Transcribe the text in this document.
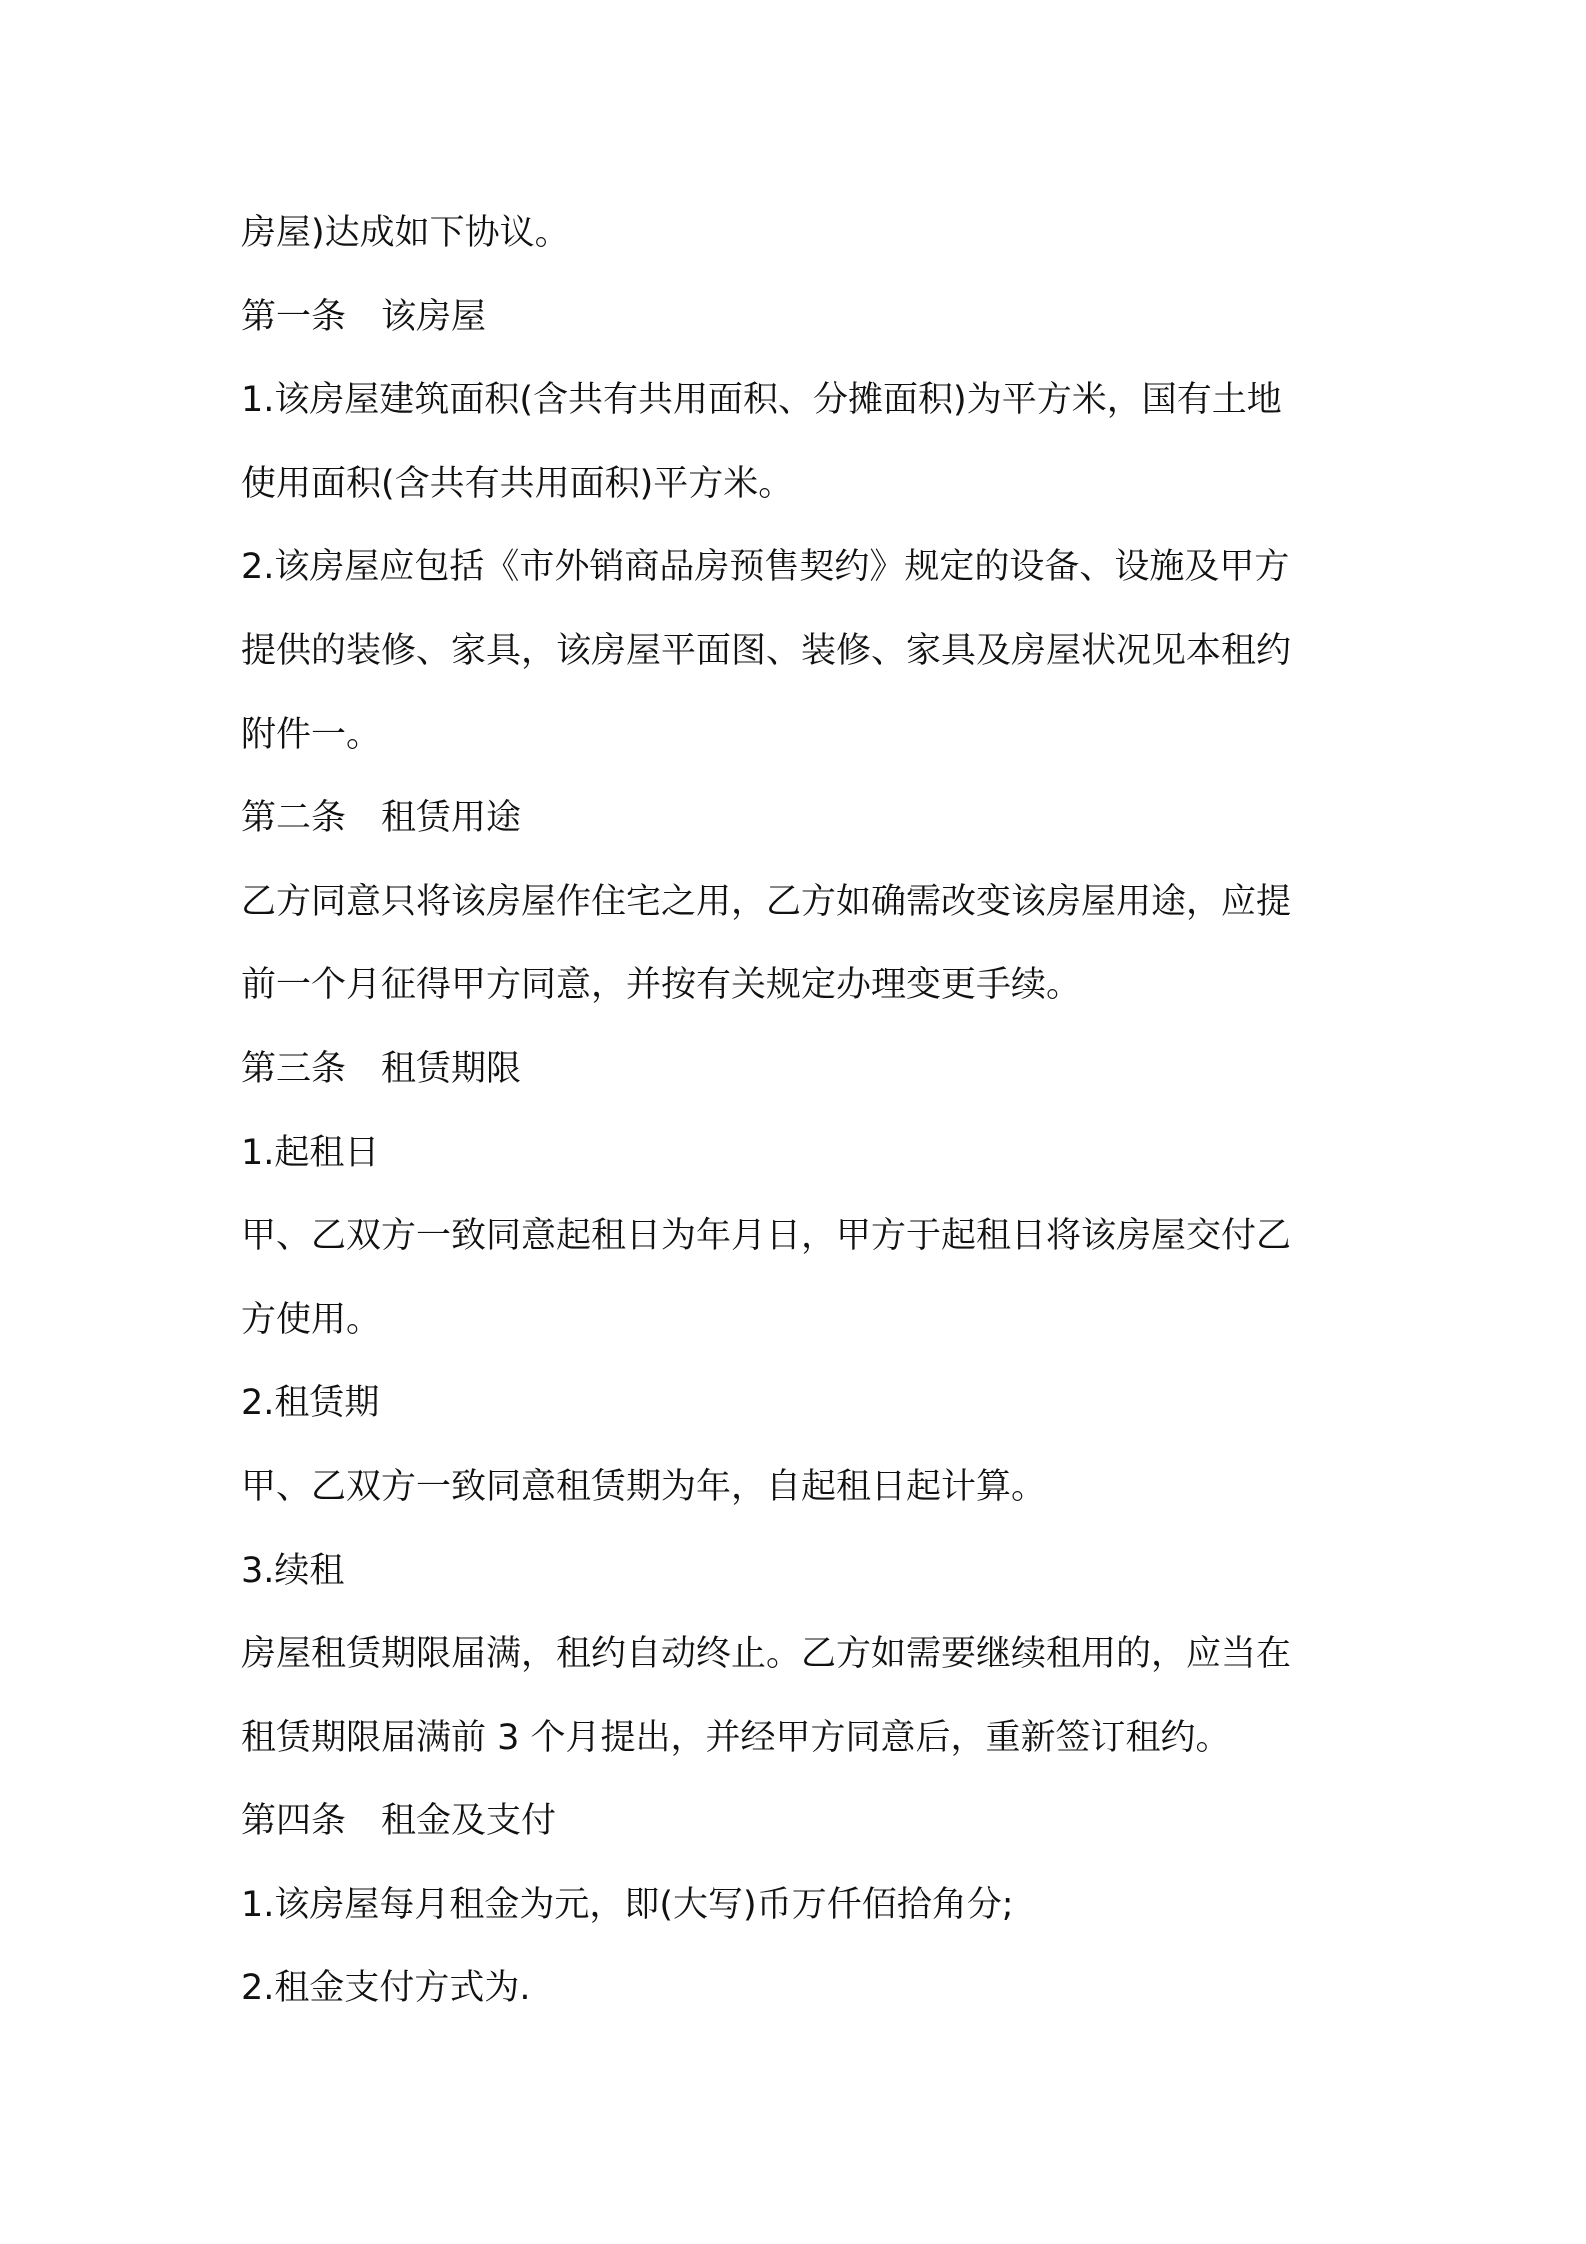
房屋)达成如下协议。

第一条　该房屋

1.该房屋建筑面积(含共有共用面积、分摊面积)为平方米，国有土地

使用面积(含共有共用面积)平方米。

2.该房屋应包括《市外销商品房预售契约》规定的设备、设施及甲方

提供的装修、家具，该房屋平面图、装修、家具及房屋状况见本租约

附件一。

第二条　租赁用途

乙方同意只将该房屋作住宅之用，乙方如确需改变该房屋用途，应提

前一个月征得甲方同意，并按有关规定办理变更手续。

第三条　租赁期限

1.起租日

甲、乙双方一致同意起租日为年月日，甲方于起租日将该房屋交付乙

方使用。

2.租赁期

甲、乙双方一致同意租赁期为年，自起租日起计算。

3.续租

房屋租赁期限届满，租约自动终止。乙方如需要继续租用的，应当在

租赁期限届满前 3 个月提出，并经甲方同意后，重新签订租约。

第四条　租金及支付

1.该房屋每月租金为元，即(大写)币万仟佰拾角分;

2.租金支付方式为.
